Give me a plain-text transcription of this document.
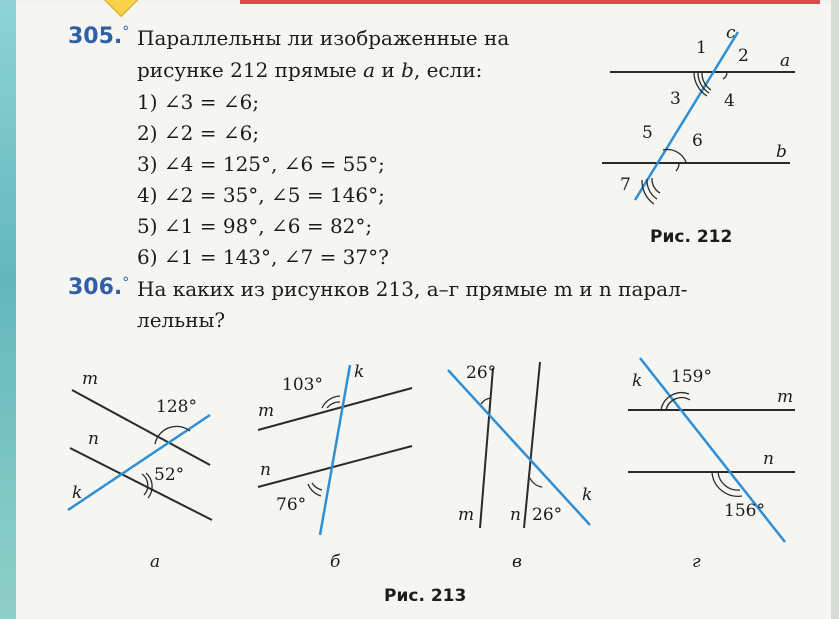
305.° Параллельны ли изображенные на
рисунке 212 прямые a и b, если:
1) ∠3 = ∠6;
2) ∠2 = ∠6;
3) ∠4 = 125°, ∠6 = 55°;
4) ∠2 = 35°, ∠5 = 146°;
5) ∠1 = 98°, ∠6 = 82°;
6) ∠1 = 143°, ∠7 = 37°?
c
a
b
1 2
3	4
5 6
7
Рис. 212
306.° На каких из рисунков 213, а–г прямые m и n парал-
лельны?
m
n
k
128°
52°
а
103°
k
m
n
76°
б
26°
k
m n 26°
в
k 159°
m
n
156°
г
Рис. 213
